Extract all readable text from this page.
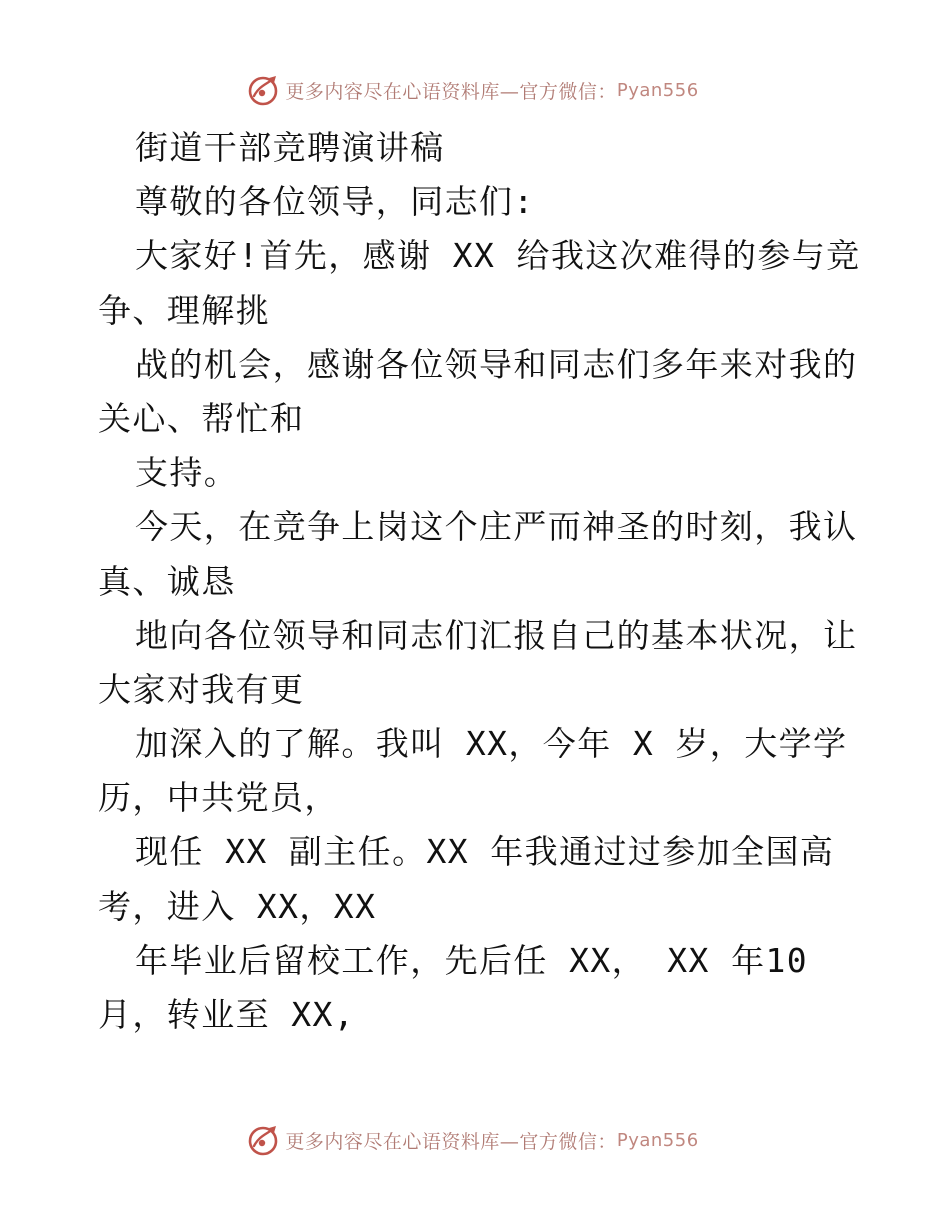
更多内容尽在心语资料库—官方微信： Pyan556
街道干部竞聘演讲稿
尊敬的各位领导，同志们:
大家好!首先，感谢 XX 给我这次难得的参与竞
争、理解挑
战的机会，感谢各位领导和同志们多年来对我的
关心、帮忙和
支持。
今天，在竞争上岗这个庄严而神圣的时刻，我认
真、诚恳
地向各位领导和同志们汇报自己的基本状况，让
大家对我有更
加深入的了解。我叫 XX，今年 X 岁，大学学
历，中共党员，
现任 XX 副主任。XX 年我通过过参加全国高
考，进入 XX，XX
年毕业后留校工作，先后任 XX， XX 年10
月，转业至 XX,
更多内容尽在心语资料库—官方微信： Pyan556
